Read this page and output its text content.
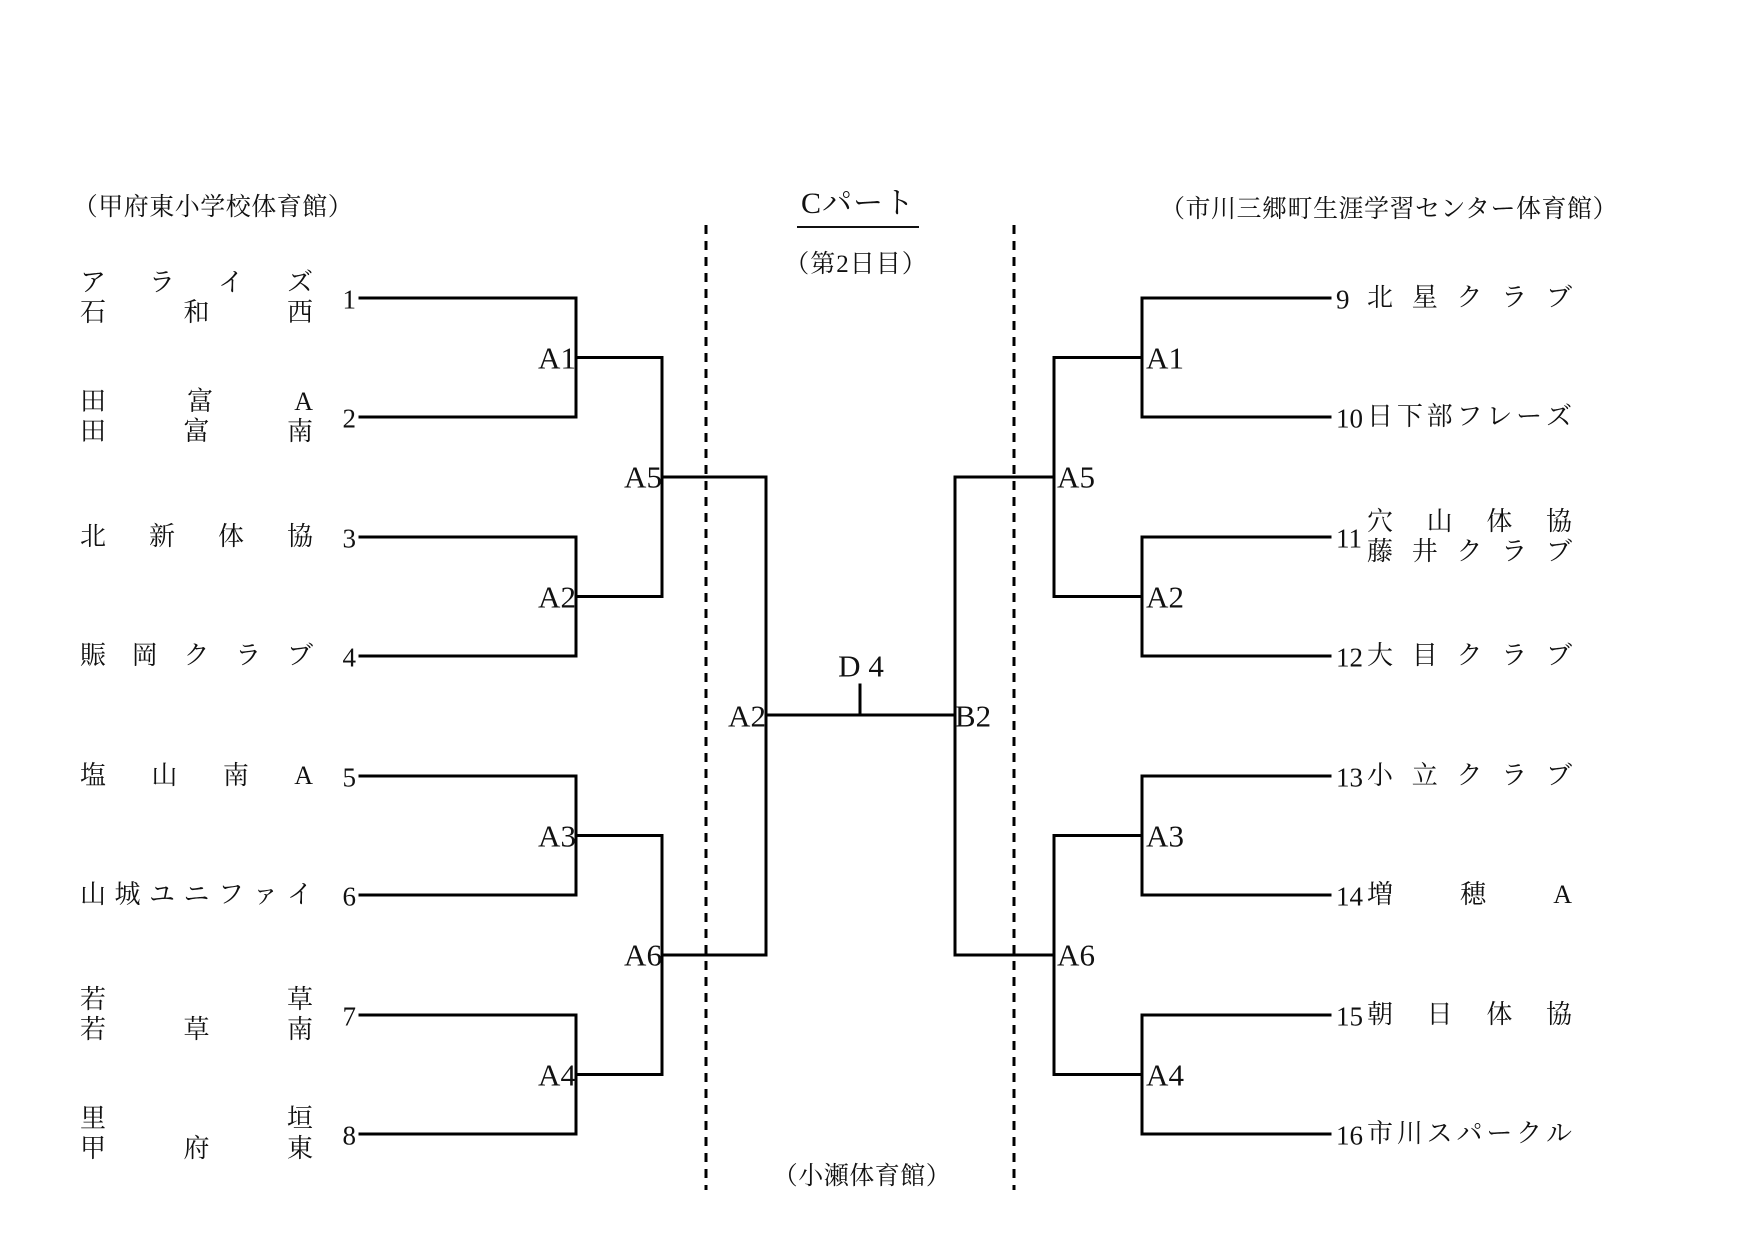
（甲府東小学校体育館）	Cパート
（第2日目）
（市川三郷町生涯学習センター体育館）
（小瀬体育館）
A1
A2
A3
A4
A5
A6
A1
A2
A3
A4
A5
A6
A2	B2
D 4
1
ア ラ イ ズ
石	和	西
2
田	富	A
田	富	南
3
北 新 体 協
4
賑 岡 ク ラ ブ
5
塩 山 南 A
6
山 城 ユ ニ フ ァ イ
7
若	草
若	草	南
8
里	垣
甲	府	東
9 北 星 ク ラ ブ
10 日 下 部 フ レ ー ズ
11
穴 山 体 協
藤 井 ク ラ ブ
12 大 目 ク ラ ブ
13 小 立 ク ラ ブ
14 増	穂	A
15 朝 日 体 協
16 市 川 ス パ ー ク ル
